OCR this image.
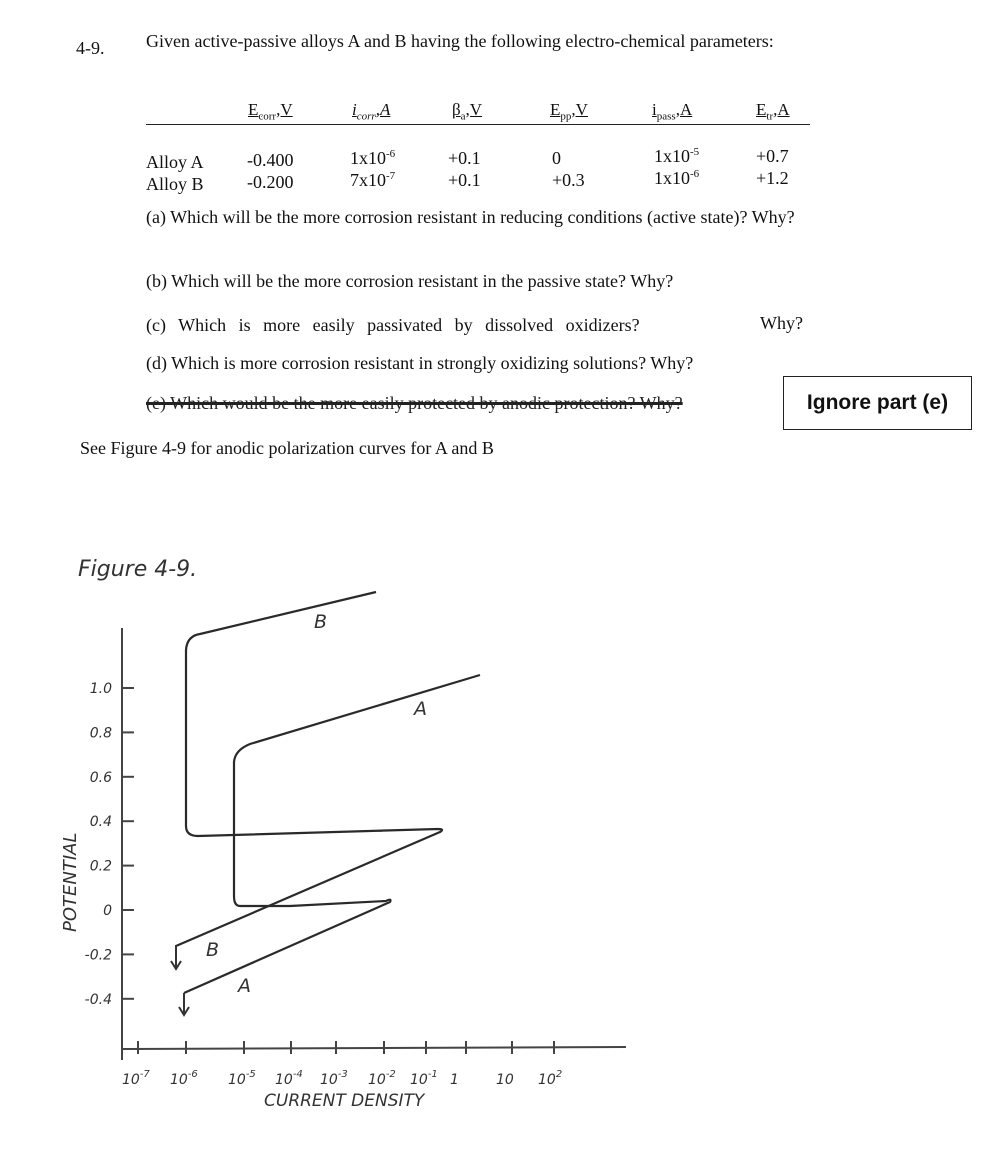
4-9. Given active-passive alloys A and B having the following electro-chemical parameters:
$E_{corr},V$	$i_{corr},A$	$\beta_a,V$	$E_{pp},V$	$i_{pass},A$	$E_{tr},A$
Alloy A -0.400	$1x10^{-6}$	+0.1	0	$1x10^{-5}$	+0.7
Alloy B -0.200	$7x10^{-7}$	+0.1	+0.3	$1x10^{-6}$	+1.2
(a) Which will be the more corrosion resistant in reducing conditions (active state)? Why?
(b) Which will be the more corrosion resistant in the passive state? Why?
(c) Which is more easily passivated by dissolved oxidizers?	Why?
(d) Which is more corrosion resistant in strongly oxidizing solutions? Why?
(e) Which would be the more easily protected by anodic protection? Why?	Ignore part (e)
See Figure 4-9 for anodic polarization curves for A and B
Figure 4-9.
1.0
0.8
0.6
0.4
0.2
0
-0.2
-0.4
$10^{-7}$ $10^{-6}$ $10^{-5}$ $10^{-4}$ $10^{-3}$ $10^{-2}$ $10^{-1}$ 1	10 $10^2$
POTENTIAL
CURRENT DENSITY
B
A
B
A
